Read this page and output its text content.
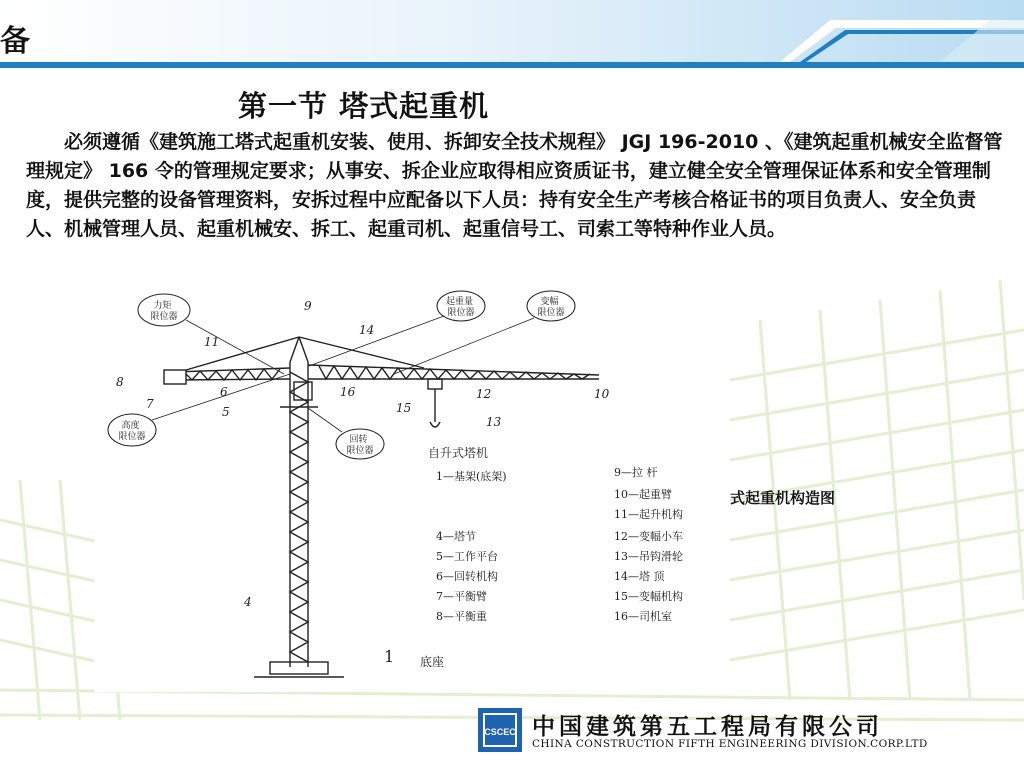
备
第一节 塔式起重机
必须遵循《建筑施工塔式起重机安装、使用、拆卸安全技术规程》 JGJ 196-2010 、《建筑起重机械安全监督管理规定》 166 令的管理规定要求；从事安、拆企业应取得相应资质证书，建立健全安全管理保证体系和安全管理制度，提供完整的设备管理资料，安拆过程中应配备以下人员：持有安全生产考核合格证书的项目负责人、安全负责人、机械管理人员、起重机械安、拆工、起重司机、起重信号工、司索工等特种作业人员。
力矩 限位器
起重量 限位器
变幅 限位器
高度 限位器	回转 限位器
9
14
11
8
7
6
5
16
15
12	10
13
4
1 底座
自升式塔机
1—基架(底架)
4—塔节
5—工作平台
6—回转机构
7—平衡臂
8—平衡重
9—拉 杆
10—起重臂
11—起升机构
12—变幅小车
13—吊钩滑轮
14—塔 顶
15—变幅机构
16—司机室
式起重机构造图
CSCEC 中国建筑第五工程局有限公司
CHINA CONSTRUCTION FIFTH ENGINEERING DIVISION.CORP.LTD
